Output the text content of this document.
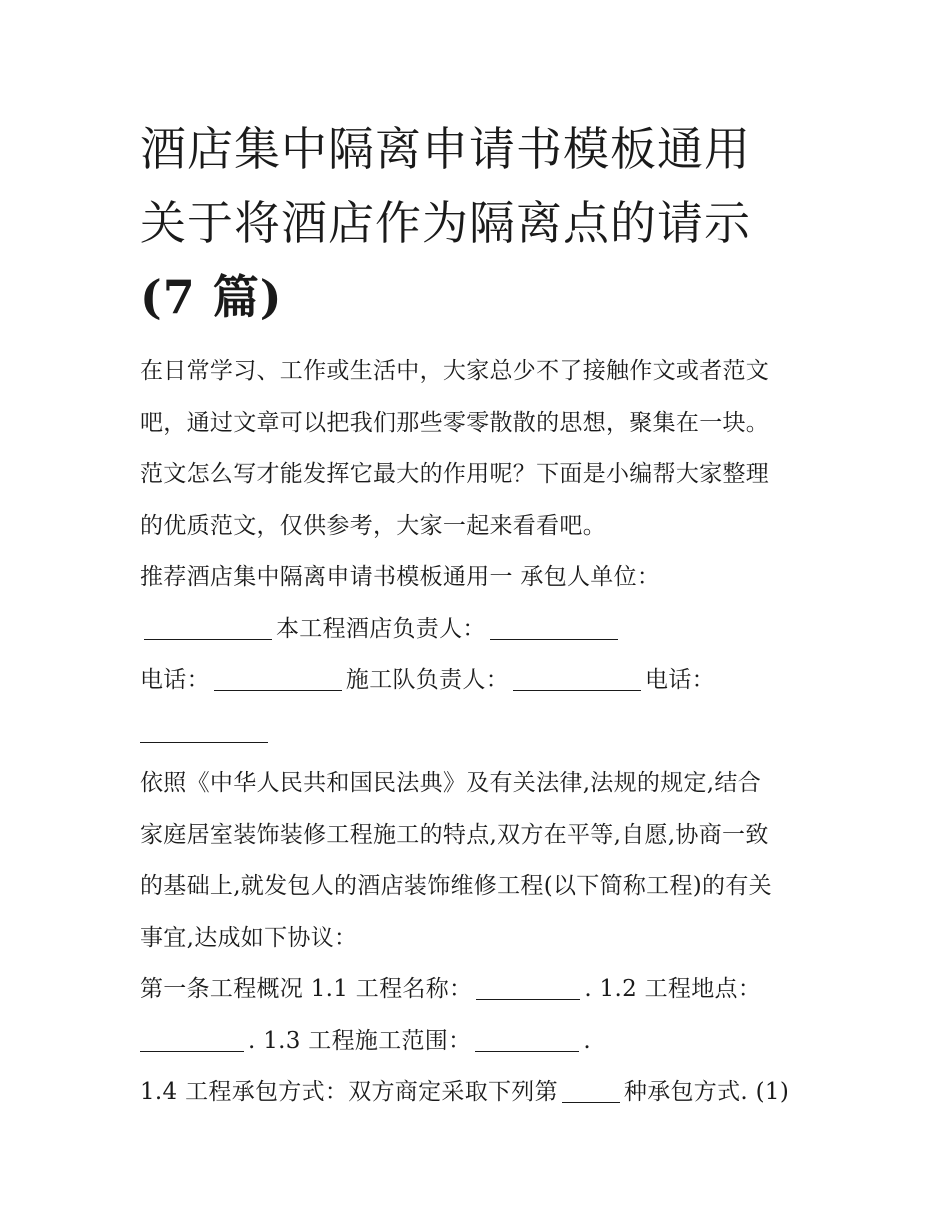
酒店集中隔离申请书模板通用
关于将酒店作为隔离点的请示
(7 篇)

在日常学习、工作或生活中，大家总少不了接触作文或者范文
吧，通过文章可以把我们那些零零散散的思想，聚集在一块。
范文怎么写才能发挥它最大的作用呢？下面是小编帮大家整理
的优质范文，仅供参考，大家一起来看看吧。

推荐酒店集中隔离申请书模板通用一 承包人单位：
本工程酒店负责人：
电话：	施工队负责人：	电话：

依照《中华人民共和国民法典》及有关法律,法规的规定,结合
家庭居室装饰装修工程施工的特点,双方在平等,自愿,协商一致
的基础上,就发包人的酒店装饰维修工程(以下简称工程)的有关
事宜,达成如下协议：

第一条工程概况 1.1 工程名称：	. 1.2 工程地点：
. 1.3 工程施工范围：	.
1.4 工程承包方式：双方商定采取下列第	种承包方式. (1)
